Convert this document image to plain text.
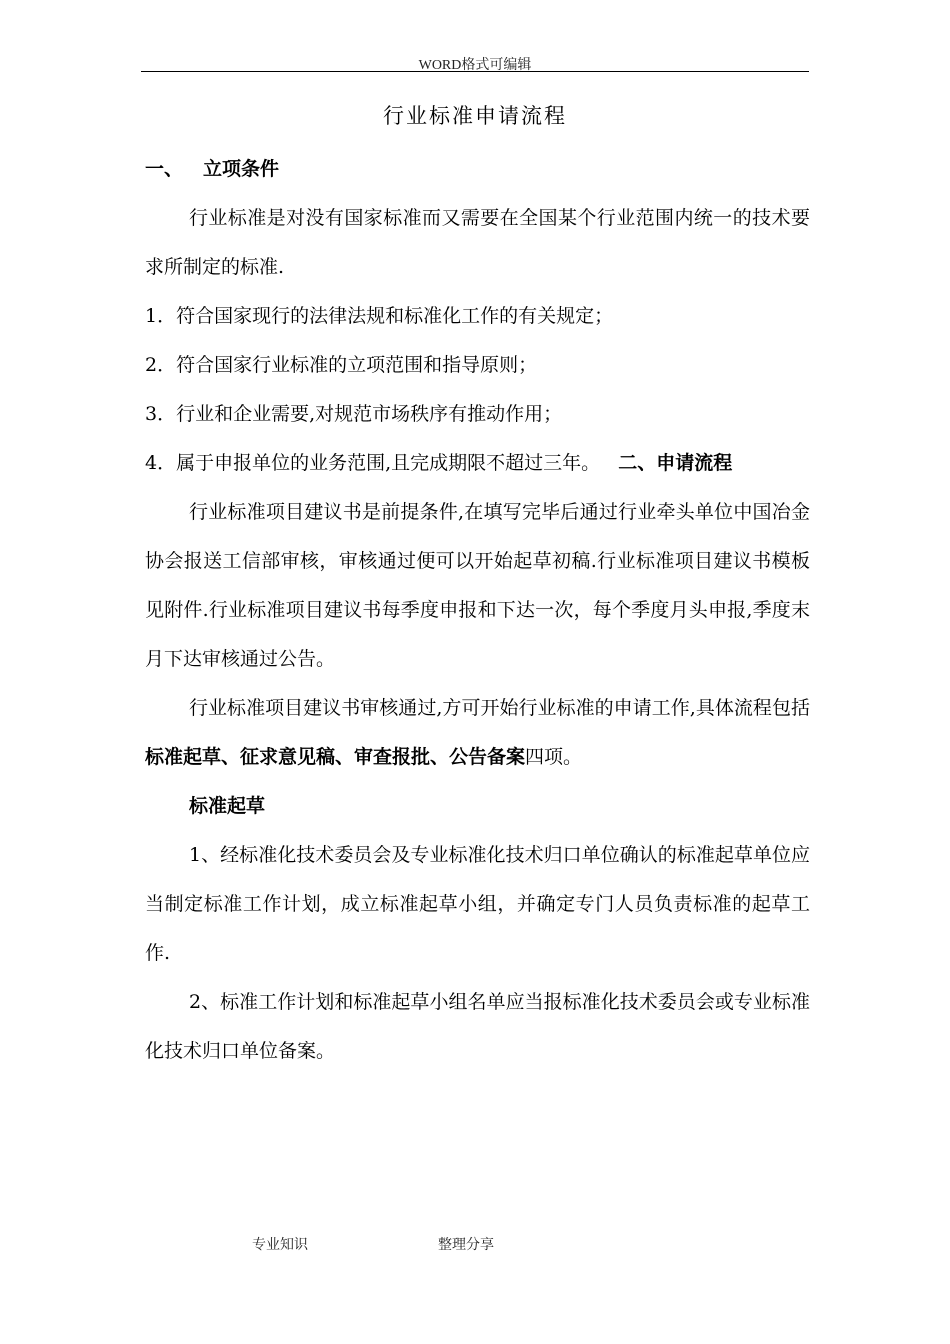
WORD格式可编辑
行业标准申请流程

一、 立项条件

行业标准是对没有国家标准而又需要在全国某个行业范围内统一的技术要求所制定的标准.

1．符合国家现行的法律法规和标准化工作的有关规定；

2．符合国家行业标准的立项范围和指导原则；

3．行业和企业需要,对规范市场秩序有推动作用；

4．属于申报单位的业务范围,且完成期限不超过三年。 二、申请流程

行业标准项目建议书是前提条件,在填写完毕后通过行业牵头单位中国冶金协会报送工信部审核，审核通过便可以开始起草初稿.行业标准项目建议书模板见附件.行业标准项目建议书每季度申报和下达一次，每个季度月头申报,季度末月下达审核通过公告。

行业标准项目建议书审核通过,方可开始行业标准的申请工作,具体流程包括标准起草、征求意见稿、审查报批、公告备案四项。

标准起草

1、经标准化技术委员会及专业标准化技术归口单位确认的标准起草单位应当制定标准工作计划，成立标准起草小组，并确定专门人员负责标准的起草工作.

2、标准工作计划和标准起草小组名单应当报标准化技术委员会或专业标准化技术归口单位备案。

专业知识	整理分享
